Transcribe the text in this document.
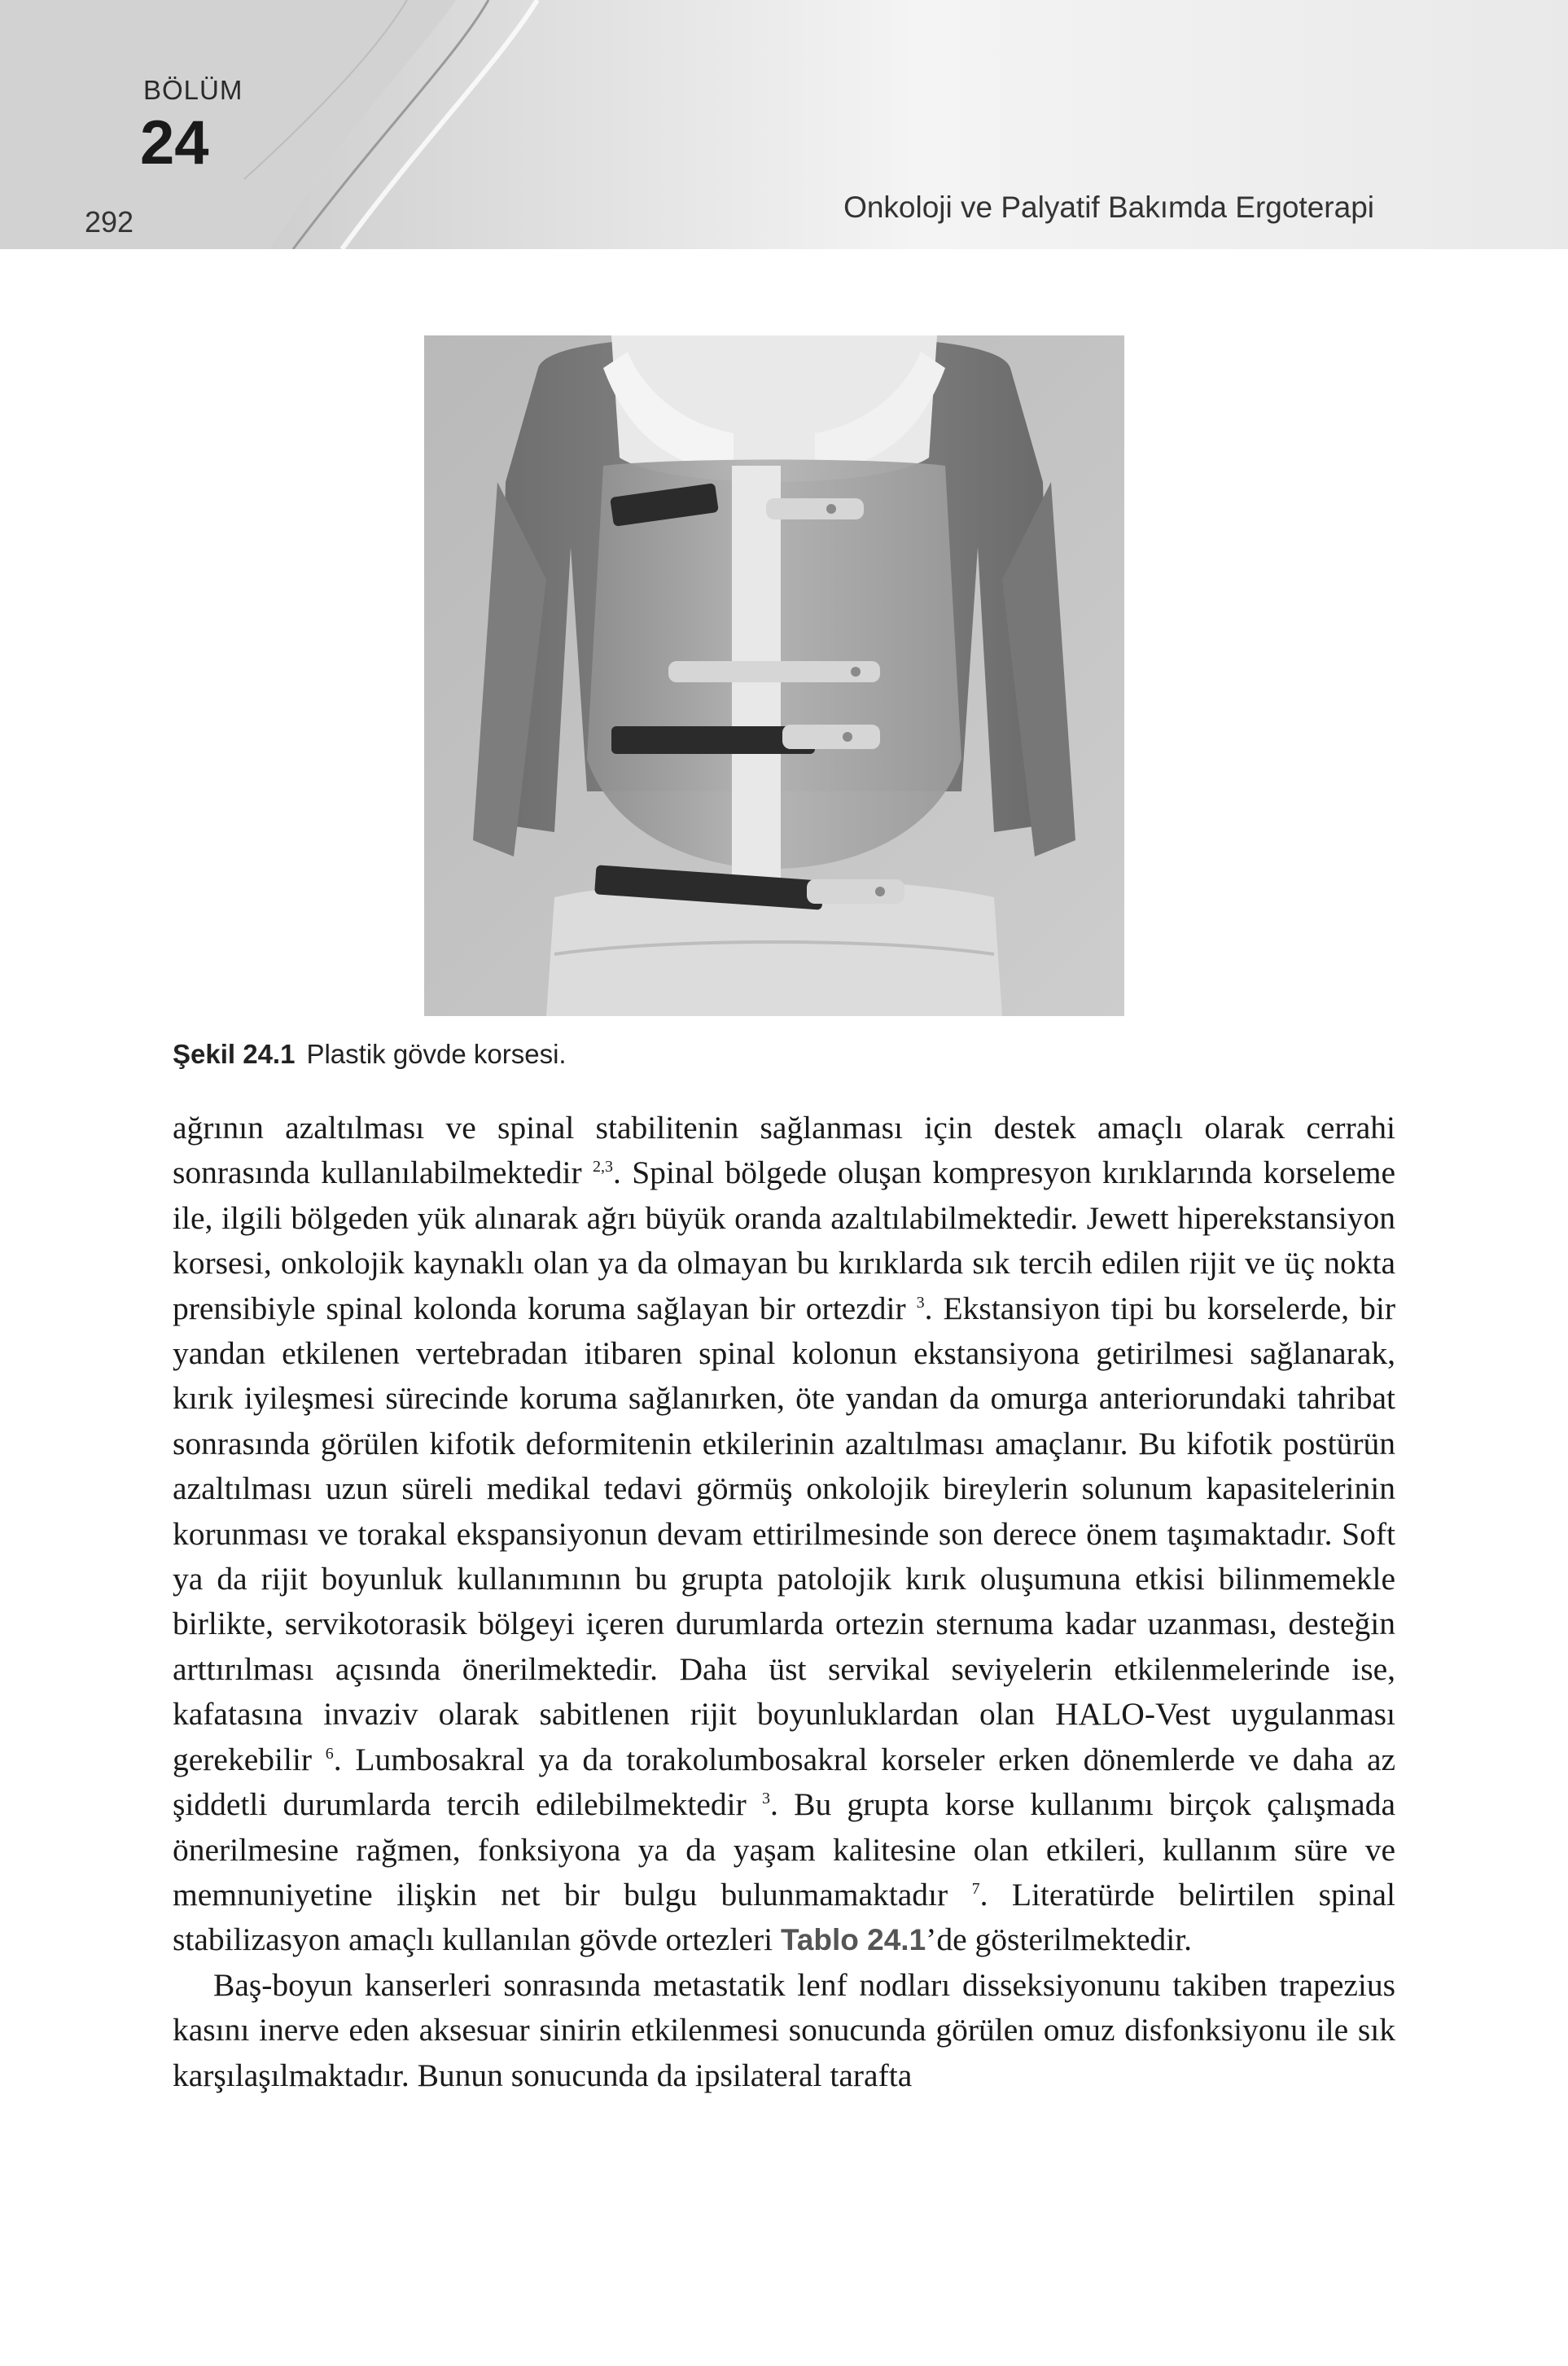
BÖLÜM
24
292	Onkoloji ve Palyatif Bakımda Ergoterapi
Şekil 24.1 Plastik gövde korsesi.

ağrının azaltılması ve spinal stabilitenin sağlanması için destek amaçlı olarak cerrahi sonrasında kullanılabilmektedir $^{2,3}$. Spinal bölgede oluşan kompresyon kırıklarında korseleme ile, ilgili bölgeden yük alınarak ağrı büyük oranda azaltılabilmektedir. Jewett hiperekstansiyon korsesi, onkolojik kaynaklı olan ya da olmayan bu kırıklarda sık tercih edilen rijit ve üç nokta prensibiyle spinal kolonda koruma sağlayan bir ortezdir $^3$. Ekstansiyon tipi bu korselerde, bir yandan etkilenen vertebradan itibaren spinal kolonun ekstansiyona getirilmesi sağlanarak, kırık iyileşmesi sürecinde koruma sağlanırken, öte yandan da omurga anteriorundaki tahribat sonrasında görülen kifotik deformitenin etkilerinin azaltılması amaçlanır. Bu kifotik postürün azaltılması uzun süreli medikal tedavi görmüş onkolojik bireylerin solunum kapasitelerinin korunması ve torakal ekspansiyonun devam ettirilmesinde son derece önem taşımaktadır. Soft ya da rijit boyunluk kullanımının bu grupta patolojik kırık oluşumuna etkisi bilinmemekle birlikte, servikotorasik bölgeyi içeren durumlarda ortezin sternuma kadar uzanması, desteğin arttırılması açısında önerilmektedir. Daha üst servikal seviyelerin etkilenmelerinde ise, kafatasına invaziv olarak sabitlenen rijit boyunluklardan olan HALO-Vest uygulanması gerekebilir $^6$. Lumbosakral ya da torakolumbosakral korseler erken dönemlerde ve daha az şiddetli durumlarda tercih edilebilmektedir $^3$. Bu grupta korse kullanımı birçok çalışmada önerilmesine rağmen, fonksiyona ya da yaşam kalitesine olan etkileri, kullanım süre ve memnuniyetine ilişkin net bir bulgu bulunmamaktadır $^7$. Literatürde belirtilen spinal stabilizasyon amaçlı kullanılan gövde ortezleri Tablo 24.1’de gösterilmektedir.

Baş-boyun kanserleri sonrasında metastatik lenf nodları disseksiyonunu takiben trapezius kasını inerve eden aksesuar sinirin etkilenmesi sonucunda görülen omuz disfonksiyonu ile sık karşılaşılmaktadır. Bunun sonucunda da ipsilateral tarafta
